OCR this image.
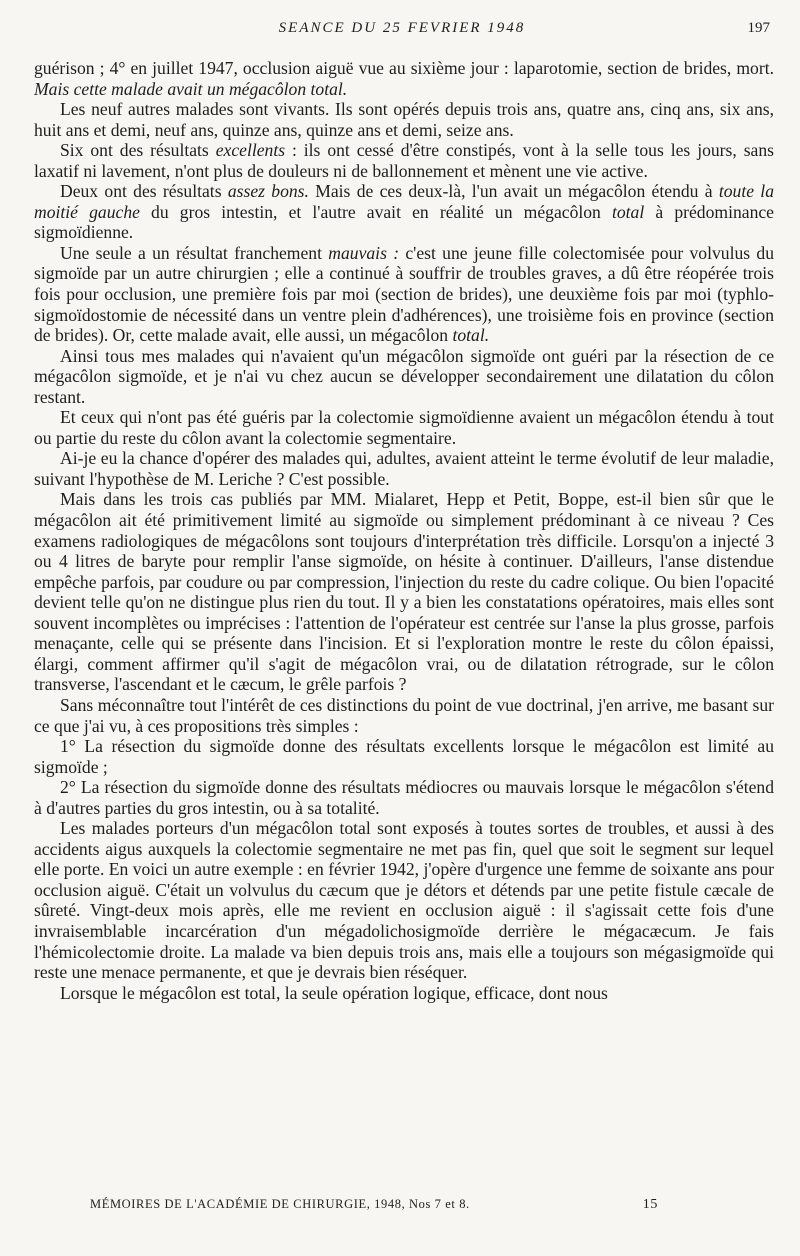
SEANCE DU 25 FEVRIER 1948	197

guérison ; 4° en juillet 1947, occlusion aiguë vue au sixième jour : laparotomie, section de brides, mort. Mais cette malade avait un mégacôlon total.

Les neuf autres malades sont vivants. Ils sont opérés depuis trois ans, quatre ans, cinq ans, six ans, huit ans et demi, neuf ans, quinze ans, quinze ans et demi, seize ans.

Six ont des résultats excellents : ils ont cessé d'être constipés, vont à la selle tous les jours, sans laxatif ni lavement, n'ont plus de douleurs ni de ballonnement et mènent une vie active.

Deux ont des résultats assez bons. Mais de ces deux-là, l'un avait un mégacôlon étendu à toute la moitié gauche du gros intestin, et l'autre avait en réalité un mégacôlon total à prédominance sigmoïdienne.

Une seule a un résultat franchement mauvais : c'est une jeune fille colectomisée pour volvulus du sigmoïde par un autre chirurgien ; elle a continué à souffrir de troubles graves, a dû être réopérée trois fois pour occlusion, une première fois par moi (section de brides), une deuxième fois par moi (typhlo-sigmoïdostomie de nécessité dans un ventre plein d'adhérences), une troisième fois en province (section de brides). Or, cette malade avait, elle aussi, un mégacôlon total.

Ainsi tous mes malades qui n'avaient qu'un mégacôlon sigmoïde ont guéri par la résection de ce mégacôlon sigmoïde, et je n'ai vu chez aucun se développer secondairement une dilatation du côlon restant.

Et ceux qui n'ont pas été guéris par la colectomie sigmoïdienne avaient un mégacôlon étendu à tout ou partie du reste du côlon avant la colectomie segmentaire.

Ai-je eu la chance d'opérer des malades qui, adultes, avaient atteint le terme évolutif de leur maladie, suivant l'hypothèse de M. Leriche ? C'est possible.

Mais dans les trois cas publiés par MM. Mialaret, Hepp et Petit, Boppe, est-il bien sûr que le mégacôlon ait été primitivement limité au sigmoïde ou simplement prédominant à ce niveau ? Ces examens radiologiques de mégacôlons sont toujours d'interprétation très difficile. Lorsqu'on a injecté 3 ou 4 litres de baryte pour remplir l'anse sigmoïde, on hésite à continuer. D'ailleurs, l'anse distendue empêche parfois, par coudure ou par compression, l'injection du reste du cadre colique. Ou bien l'opacité devient telle qu'on ne distingue plus rien du tout. Il y a bien les constatations opératoires, mais elles sont souvent incomplètes ou imprécises : l'attention de l'opérateur est centrée sur l'anse la plus grosse, parfois menaçante, celle qui se présente dans l'incision. Et si l'exploration montre le reste du côlon épaissi, élargi, comment affirmer qu'il s'agit de mégacôlon vrai, ou de dilatation rétrograde, sur le côlon transverse, l'ascendant et le cæcum, le grêle parfois ?

Sans méconnaître tout l'intérêt de ces distinctions du point de vue doctrinal, j'en arrive, me basant sur ce que j'ai vu, à ces propositions très simples :

1° La résection du sigmoïde donne des résultats excellents lorsque le mégacôlon est limité au sigmoïde ;

2° La résection du sigmoïde donne des résultats médiocres ou mauvais lorsque le mégacôlon s'étend à d'autres parties du gros intestin, ou à sa totalité.

Les malades porteurs d'un mégacôlon total sont exposés à toutes sortes de troubles, et aussi à des accidents aigus auxquels la colectomie segmentaire ne met pas fin, quel que soit le segment sur lequel elle porte. En voici un autre exemple : en février 1942, j'opère d'urgence une femme de soixante ans pour occlusion aiguë. C'était un volvulus du cæcum que je détors et détends par une petite fistule cæcale de sûreté. Vingt-deux mois après, elle me revient en occlusion aiguë : il s'agissait cette fois d'une invraisemblable incarcération d'un mégadolichosigmoïde derrière le mégacæcum. Je fais l'hémicolectomie droite. La malade va bien depuis trois ans, mais elle a toujours son mégasigmoïde qui reste une menace permanente, et que je devrais bien réséquer.

Lorsque le mégacôlon est total, la seule opération logique, efficace, dont nous

MÉMOIRES DE L'ACADÉMIE DE CHIRURGIE, 1948, Nos 7 et 8.	15
